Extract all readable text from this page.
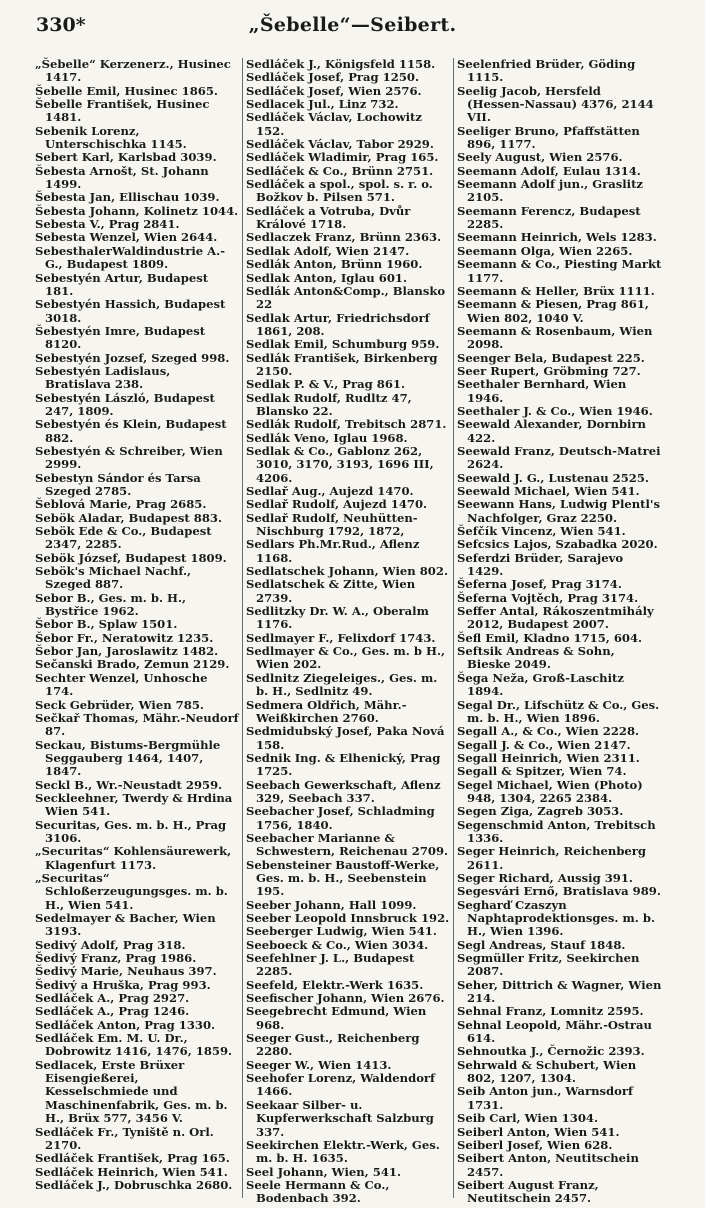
330*	„Šebelle“—Seibert.
„Šebelle“ Kerzenerz., Husinec 1417.
Šebelle Emil, Husinec 1865.
Šebelle František, Husinec 1481.
Sebenik Lorenz, Unterschischka 1145.
Sebert Karl, Karlsbad 3039.
Šebesta Arnošt, St. Johann 1499.
Šebesta Jan, Ellischau 1039.
Šebesta Johann, Kolinetz 1044.
Sebesta V., Prag 2841.
Sebesta Wenzel, Wien 2644.
SebesthalerWaldindustrie A.-G., Budapest 1809.
Sebestyén Artur, Budapest 181.
Sebestyén Hassich, Budapest 3018.
Šebestyén Imre, Budapest 8120.
Sebestyén Jozsef, Szeged 998.
Sebestyén Ladislaus, Bratislava 238.
Sebestyén László, Budapest 247, 1809.
Sebestyén és Klein, Budapest 882.
Sebestyén & Schreiber, Wien 2999.
Sebestyn Sándor és Tarsa Szeged 2785.
Šeblová Marie, Prag 2685.
Sebök Aladar, Budapest 883.
Sebök Ede & Co., Budapest 2347, 2285.
Sebök József, Budapest 1809.
Sebök's Michael Nachf., Szeged 887.
Sebor B., Ges. m. b. H., Bystřice 1962.
Šebor B., Splaw 1501.
Šebor Fr., Neratowitz 1235.
Šebor Jan, Jaroslawitz 1482.
Sečanski Brado, Zemun 2129.
Sechter Wenzel, Unhosche 174.
Seck Gebrüder, Wien 785.
Sečkař Thomas, Mähr.-Neudorf 87.
Seckau, Bistums-Bergmühle Seggauberg 1464, 1407, 1847.
Seckl B., Wr.-Neustadt 2959.
Seckleehner, Twerdy & Hrdina Wien 541.
Securitas, Ges. m. b. H., Prag 3106.
„Securitas“ Kohlensäurewerk, Klagenfurt 1173.
„Securitas“ Schloßerzeugungsges. m. b. H., Wien 541.
Sedelmayer & Bacher, Wien 3193.
Sedivý Adolf, Prag 318.
Šedivý Franz, Prag 1986.
Šedivý Marie, Neuhaus 397.
Šedivý a Hruška, Prag 993.
Sedláček A., Prag 2927.
Sedláček A., Prag 1246.
Sedláček Anton, Prag 1330.
Sedláček Em. M. U. Dr., Dobrowitz 1416, 1476, 1859.
Sedlacek, Erste Brüxer Eisengießerei, Kesselschmiede und Maschinenfabrik, Ges. m. b. H., Brüx 577, 3456 V.
Sedláček Fr., Tyniště n. Orl. 2170.
Sedláček František, Prag 165.
Sedláček Heinrich, Wien 541.
Sedláček J., Dobruschka 2680.
Sedláček J., Königsfeld 1158.
Sedláček Josef, Prag 1250.
Sedláček Josef, Wien 2576.
Sedlacek Jul., Linz 732.
Sedláček Václav, Lochowitz 152.
Sedláček Václav, Tabor 2929.
Sedláček Wladimir, Prag 165.
Sedláček & Co., Brünn 2751.
Sedláček a spol., spol. s. r. o. Božkov b. Pilsen 571.
Sedláček a Votruba, Dvůr Králové 1718.
Sedlaczek Franz, Brünn 2363.
Sedlak Adolf, Wien 2147.
Sedlák Anton, Brünn 1960.
Sedlak Anton, Iglau 601.
Sedlák Anton&Comp., Blansko 22
Sedlak Artur, Friedrichsdorf 1861, 208.
Sedlak Emil, Schumburg 959.
Sedlák František, Birkenberg 2150.
Sedlak P. & V., Prag 861.
Sedlak Rudolf, Rudltz 47, Blansko 22.
Sedlák Rudolf, Trebitsch 2871.
Sedlák Veno, Iglau 1968.
Sedlak & Co., Gablonz 262, 3010, 3170, 3193, 1696 III, 4206.
Sedlař Aug., Aujezd 1470.
Sedlař Rudolf, Aujezd 1470.
Sedlař Rudolf, Neuhütten-Nischburg 1792, 1872,
Sedlars Ph.Mr.Rud., Aflenz 1168.
Sedlatschek Johann, Wien 802.
Sedlatschek & Zitte, Wien 2739.
Sedlitzky Dr. W. A., Oberalm 1176.
Sedlmayer F., Felixdorf 1743.
Sedlmayer & Co., Ges. m. b H., Wien 202.
Sedlnitz Ziegeleiges., Ges. m. b. H., Sedlnitz 49.
Sedmera Oldřich, Mähr.-Weißkirchen 2760.
Sedmidubský Josef, Paka Nová 158.
Sednik Ing. & Elhenický, Prag 1725.
Seebach Gewerkschaft, Aflenz 329, Seebach 337.
Seebacher Josef, Schladming 1756, 1840.
Seebacher Marianne & Schwestern, Reichenau 2709.
Sebensteiner Baustoff-Werke, Ges. m. b. H., Seebenstein 195.
Seeber Johann, Hall 1099.
Seeber Leopold Innsbruck 192.
Seeberger Ludwig, Wien 541.
Seeboeck & Co., Wien 3034.
Seefehlner J. L., Budapest 2285.
Seefeld, Elektr.-Werk 1635.
Seefischer Johann, Wien 2676.
Seegebrecht Edmund, Wien 968.
Seeger Gust., Reichenberg 2280.
Seeger W., Wien 1413.
Seehofer Lorenz, Waldendorf 1466.
Seekaar Silber- u. Kupferwerkschaft Salzburg 337.
Seekirchen Elektr.-Werk, Ges. m. b. H. 1635.
Seel Johann, Wien, 541.
Seele Hermann & Co., Bodenbach 392.
Seelenfried Brüder, Göding 1115.
Seelig Jacob, Hersfeld (Hessen-Nassau) 4376, 2144 VII.
Seeliger Bruno, Pfaffstätten 896, 1177.
Seely August, Wien 2576.
Seemann Adolf, Eulau 1314.
Seemann Adolf jun., Graslitz 2105.
Seemann Ferencz, Budapest 2285.
Seemann Heinrich, Wels 1283.
Seemann Olga, Wien 2265.
Seemann & Co., Piesting Markt 1177.
Seemann & Heller, Brüx 1111.
Seemann & Piesen, Prag 861, Wien 802, 1040 V.
Seemann & Rosenbaum, Wien 2098.
Seenger Bela, Budapest 225.
Seer Rupert, Gröbming 727.
Seethaler Bernhard, Wien 1946.
Seethaler J. & Co., Wien 1946.
Seewald Alexander, Dornbirn 422.
Seewald Franz, Deutsch-Matrei 2624.
Seewald J. G., Lustenau 2525.
Seewald Michael, Wien 541.
Seewann Hans, Ludwig Plentl's Nachfolger, Graz 2250.
Šefčík Vincenz, Wien 541.
Sefcsics Lajos, Szabadka 2020.
Seferdzi Brüder, Sarajevo 1429.
Šeferna Josef, Prag 3174.
Šeferna Vojtěch, Prag 3174.
Seffer Antal, Rákoszentmihály 2012, Budapest 2007.
Šefl Emil, Kladno 1715, 604.
Seftsik Andreas & Sohn, Bieske 2049.
Šega Neža, Groß-Laschitz 1894.
Segal Dr., Lifschütz & Co., Ges. m. b. H., Wien 1896.
Segall A., & Co., Wien 2228.
Segall J. & Co., Wien 2147.
Segall Heinrich, Wien 2311.
Segall & Spitzer, Wien 74.
Segel Michael, Wien (Photo) 948, 1304, 2265 2384.
Segen Ziga, Zagreb 3053.
Segenschmid Anton, Trebitsch 1336.
Seger Heinrich, Reichenberg 2611.
Seger Richard, Aussig 391.
Segesvári Ernő, Bratislava 989.
Segharď Czaszyn Naphtaprodektionsges. m. b. H., Wien 1396.
Segl Andreas, Stauf 1848.
Segmüller Fritz, Seekirchen 2087.
Seher, Dittrich & Wagner, Wien 214.
Sehnal Franz, Lomnitz 2595.
Sehnal Leopold, Mähr.-Ostrau 614.
Sehnoutka J., Černožic 2393.
Sehrwald & Schubert, Wien 802, 1207, 1304.
Seib Anton jun., Warnsdorf 1731.
Seib Carl, Wien 1304.
Seiberl Anton, Wien 541.
Seiberl Josef, Wien 628.
Seibert Anton, Neutitschein 2457.
Seibert August Franz, Neutitschein 2457.
